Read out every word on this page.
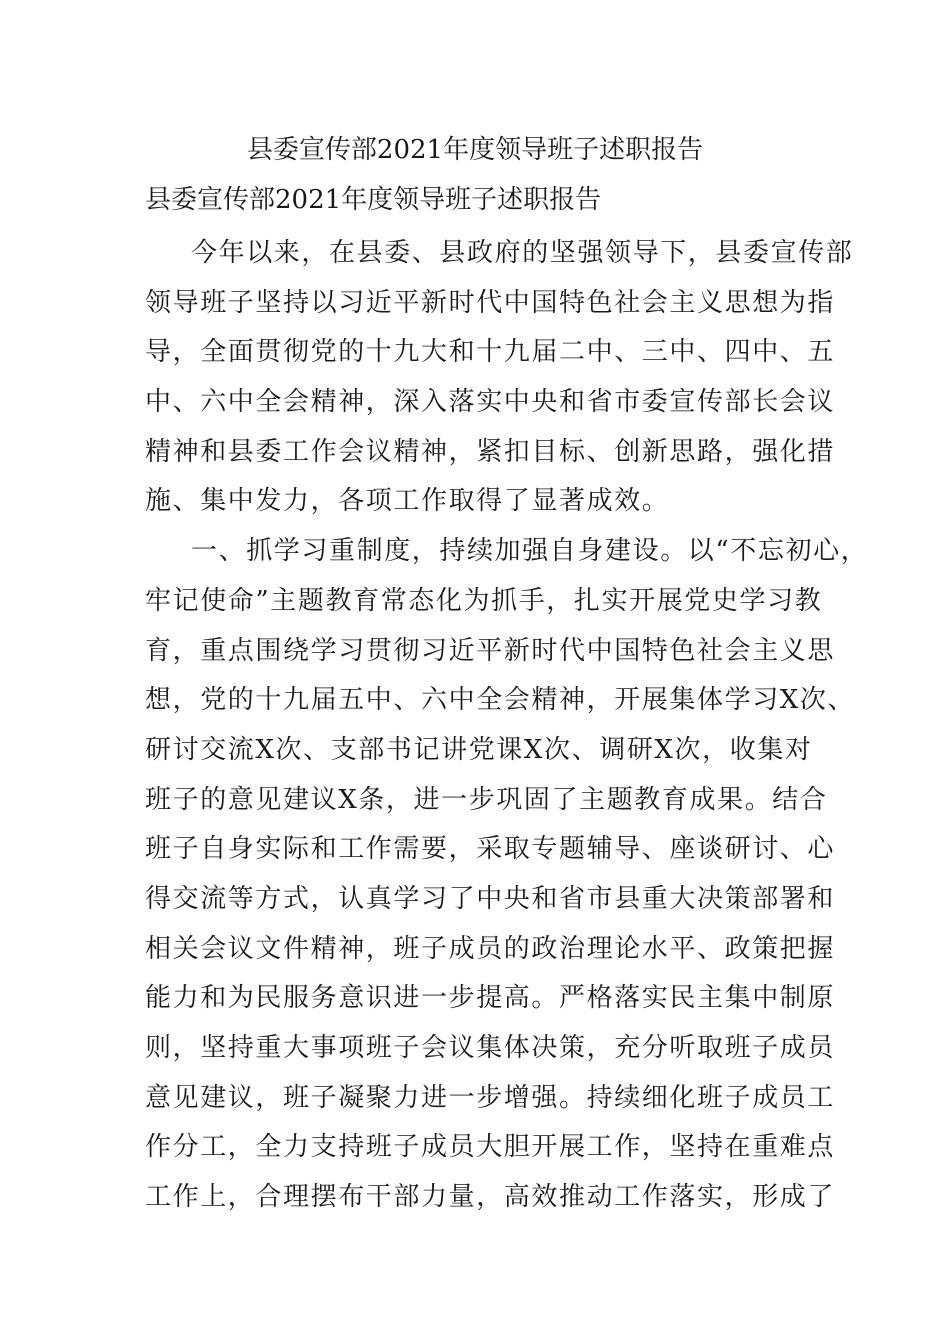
县委宣传部2021年度领导班子述职报告
县委宣传部2021年度领导班子述职报告
今年以来，在县委、县政府的坚强领导下，县委宣传部
领导班子坚持以习近平新时代中国特色社会主义思想为指
导，全面贯彻党的十九大和十九届二中、三中、四中、五
中、六中全会精神，深入落实中央和省市委宣传部长会议
精神和县委工作会议精神，紧扣目标、创新思路，强化措
施、集中发力，各项工作取得了显著成效。
一、抓学习重制度，持续加强自身建设。以“不忘初心，
牢记使命”主题教育常态化为抓手，扎实开展党史学习教
育，重点围绕学习贯彻习近平新时代中国特色社会主义思
想，党的十九届五中、六中全会精神，开展集体学习X次、
研讨交流X次、支部书记讲党课X次、调研X次，收集对
班子的意见建议X条，进一步巩固了主题教育成果。结合
班子自身实际和工作需要，采取专题辅导、座谈研讨、心
得交流等方式，认真学习了中央和省市县重大决策部署和
相关会议文件精神，班子成员的政治理论水平、政策把握
能力和为民服务意识进一步提高。严格落实民主集中制原
则，坚持重大事项班子会议集体决策，充分听取班子成员
意见建议，班子凝聚力进一步增强。持续细化班子成员工
作分工，全力支持班子成员大胆开展工作，坚持在重难点
工作上，合理摆布干部力量，高效推动工作落实，形成了
